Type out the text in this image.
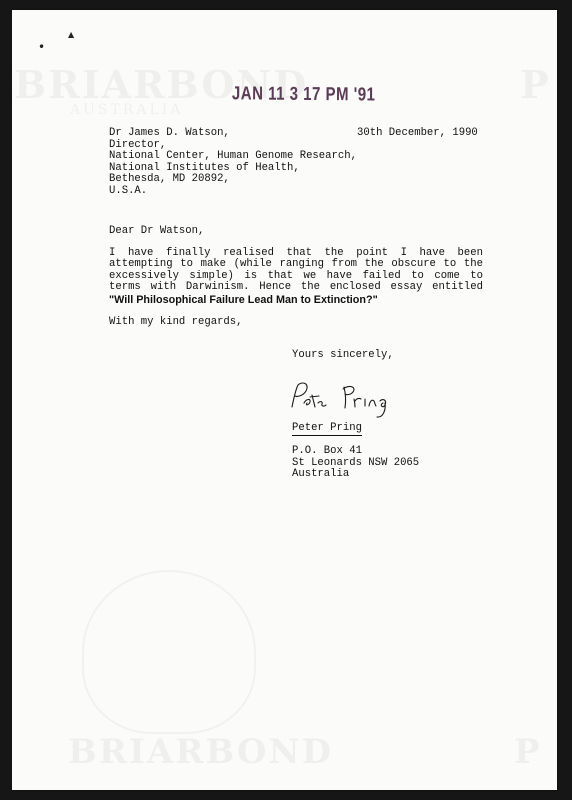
•
▲
JAN 11 3 17 PM '91
Dr James D. Watson,
Director,
National Center, Human Genome Research,
National Institutes of Health,
Bethesda, MD 20892,
U.S.A.
30th December, 1990
Dear Dr Watson,
I have finally realised that the point I have been
attempting to make (while ranging from the obscure to the
excessively simple) is that we have failed to come to
terms with Darwinism. Hence the enclosed essay entitled
"Will Philosophical Failure Lead Man to Extinction?"
With my kind regards,
Yours sincerely,
Peter Pring
P.O. Box 41
St Leonards NSW 2065
Australia
